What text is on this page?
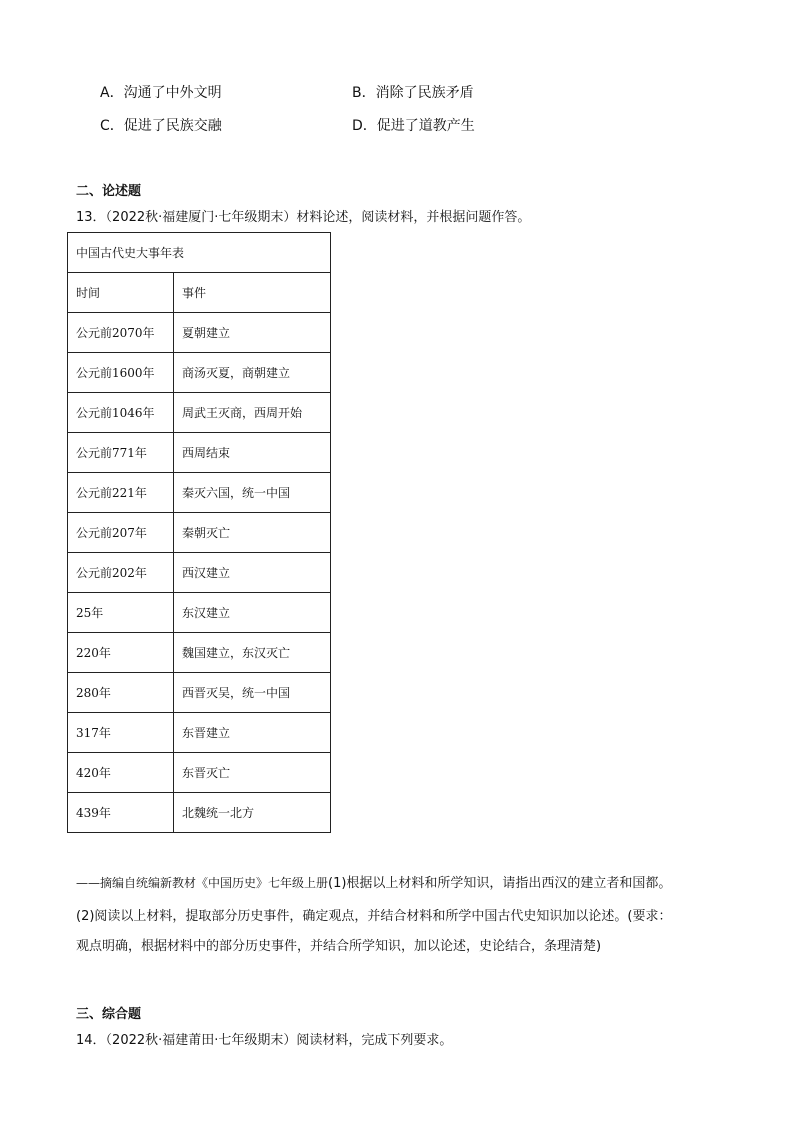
A．沟通了中外文明	B．消除了民族矛盾
C．促进了民族交融	D．促进了道教产生
二、论述题
13．（2022秋·福建厦门·七年级期末）材料论述，阅读材料，并根据问题作答。
中国古代史大事年表	
时间	事件
公元前2070年	夏朝建立
公元前1600年	商汤灭夏，商朝建立
公元前1046年	周武王灭商，西周开始
公元前771年	西周结束
公元前221年	秦灭六国，统一中国
公元前207年	秦朝灭亡
公元前202年	西汉建立
25年	东汉建立
220年	魏国建立，东汉灭亡
280年	西晋灭吴，统一中国
317年	东晋建立
420年	东晋灭亡
439年	北魏统一北方
——摘编自统编新教材《中国历史》七年级上册(1)根据以上材料和所学知识，请指出西汉的建立者和国都。
(2)阅读以上材料，提取部分历史事件，确定观点，并结合材料和所学中国古代史知识加以论述。(要求：
观点明确，根据材料中的部分历史事件，并结合所学知识，加以论述，史论结合，条理清楚)
三、综合题
14．（2022秋·福建莆田·七年级期末）阅读材料，完成下列要求。
